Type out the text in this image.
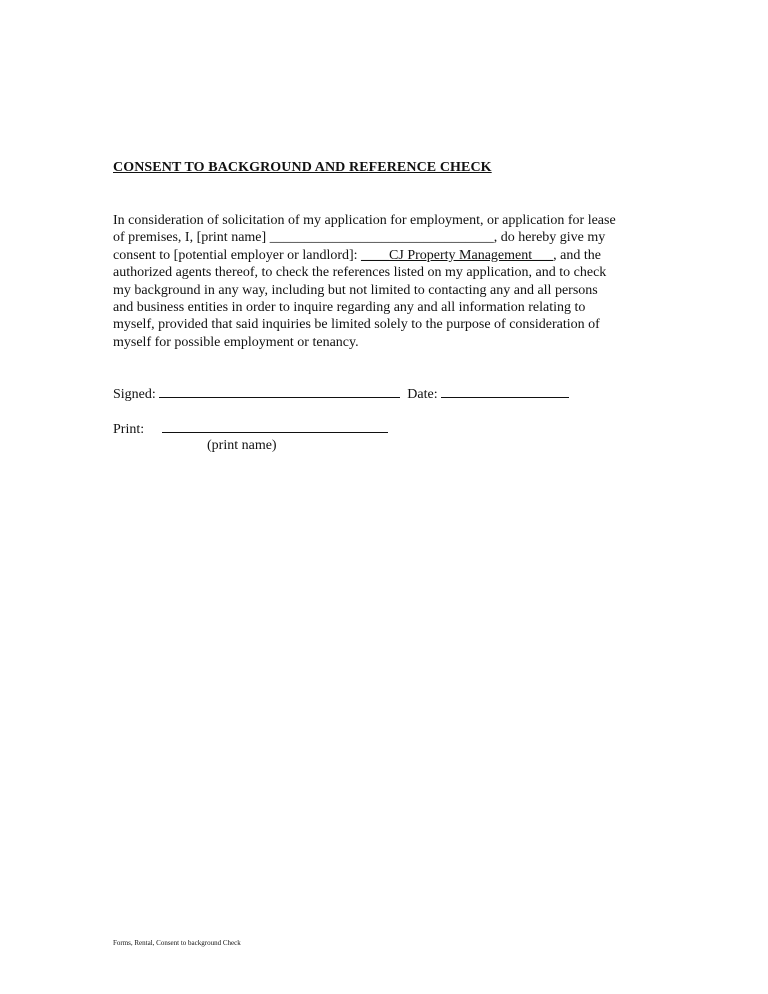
CONSENT TO BACKGROUND AND REFERENCE CHECK
In consideration of solicitation of my application for employment, or application for lease
of premises, I, [print name] ________________________________, do hereby give my
consent to [potential employer or landlord]: ____CJ Property Management___, and the
authorized agents thereof, to check the references listed on my application, and to check
my background in any way, including but not limited to contacting any and all persons
and business entities in order to inquire regarding any and all information relating to
myself, provided that said inquiries be limited solely to the purpose of consideration of
myself for possible employment or tenancy.
Signed:	Date:
Print:
(print name)
Forms, Rental, Consent to background Check
